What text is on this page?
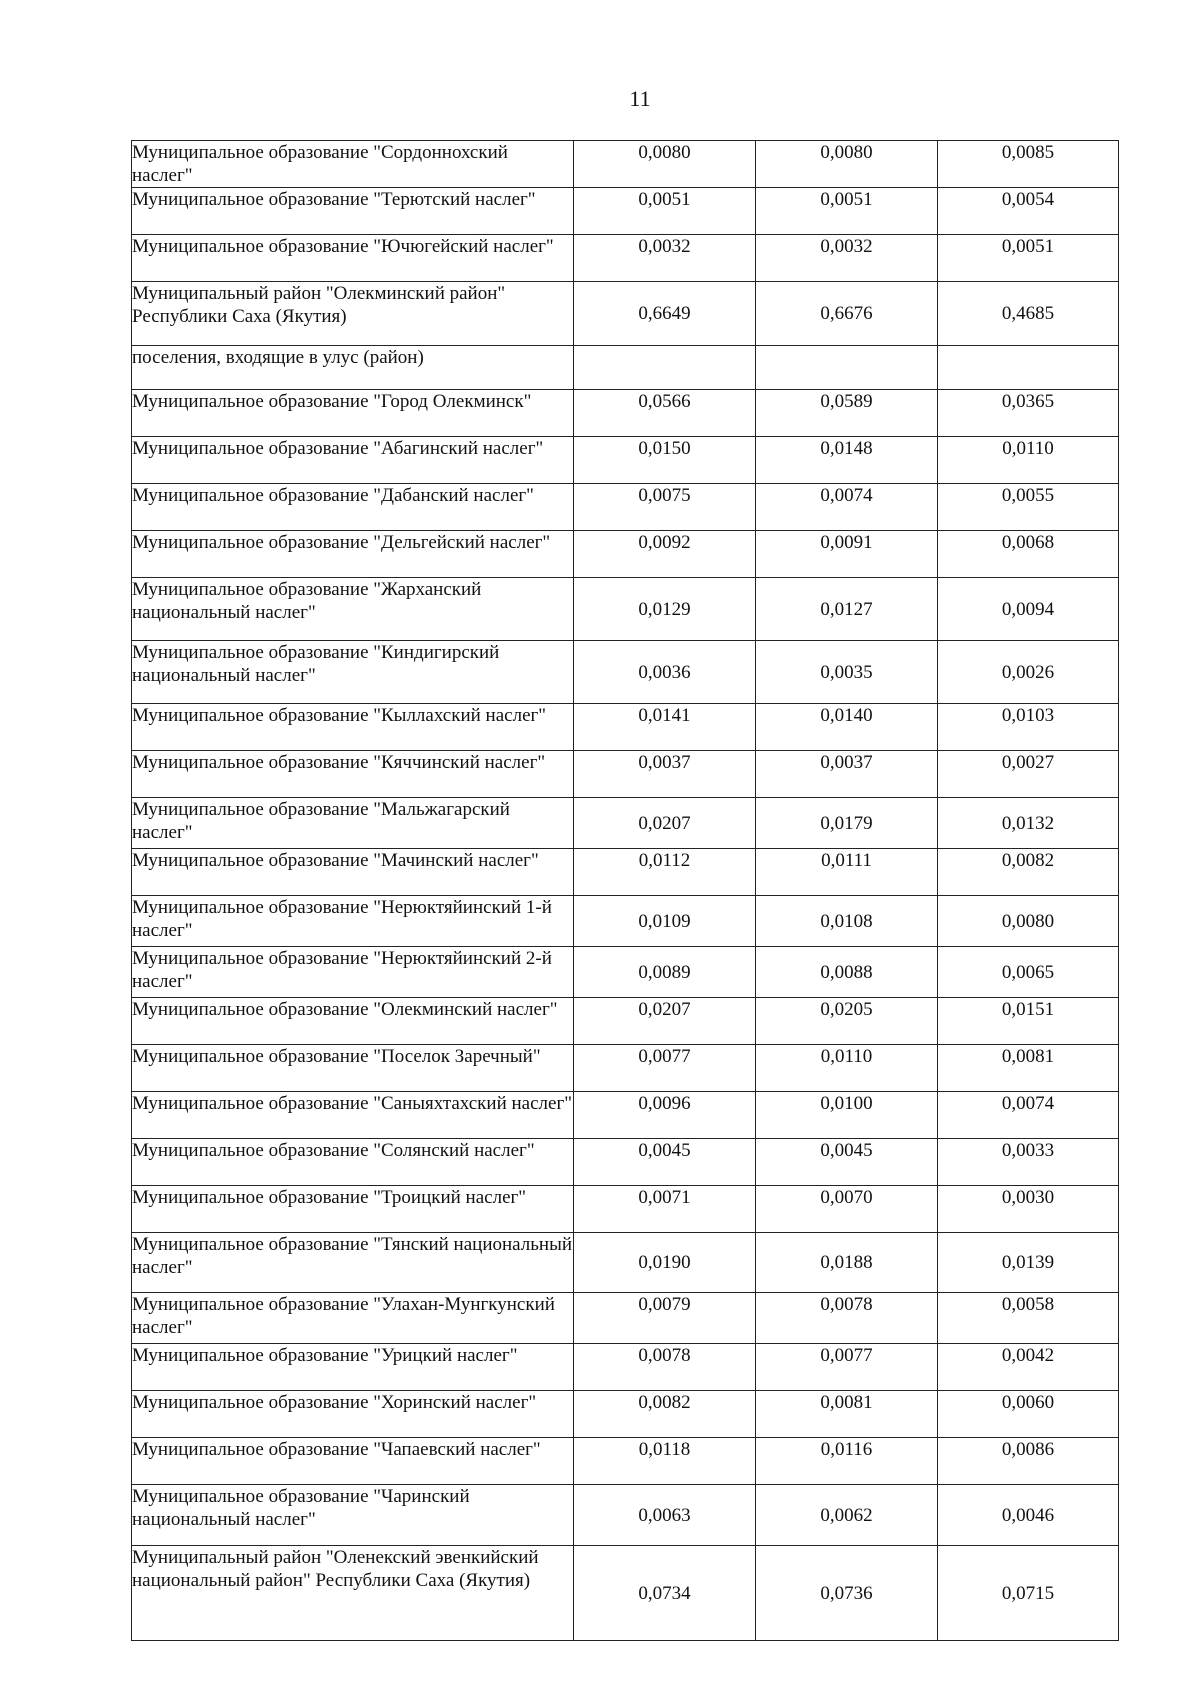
11
Муниципальное образование "Сордоннохский наслег"	0,0080	0,0080	0,0085
Муниципальное образование "Терютский наслег"	0,0051	0,0051	0,0054
Муниципальное образование "Ючюгейский наслег"	0,0032	0,0032	0,0051
Муниципальный район "Олекминский район" Республики Саха (Якутия)	0,6649	0,6676	0,4685
поселения, входящие в улус (район)			
Муниципальное образование "Город Олекминск"	0,0566	0,0589	0,0365
Муниципальное образование "Абагинский наслег"	0,0150	0,0148	0,0110
Муниципальное образование "Дабанский наслег"	0,0075	0,0074	0,0055
Муниципальное образование "Дельгейский наслег"	0,0092	0,0091	0,0068
Муниципальное образование "Жарханский национальный наслег"	0,0129	0,0127	0,0094
Муниципальное образование "Киндигирский национальный наслег"	0,0036	0,0035	0,0026
Муниципальное образование "Кыллахский наслег"	0,0141	0,0140	0,0103
Муниципальное образование "Кяччинский наслег"	0,0037	0,0037	0,0027
Муниципальное образование "Мальжагарский наслег"	0,0207	0,0179	0,0132
Муниципальное образование "Мачинский наслег"	0,0112	0,0111	0,0082
Муниципальное образование "Нерюктяйинский 1-й наслег"	0,0109	0,0108	0,0080
Муниципальное образование "Нерюктяйинский 2-й наслег"	0,0089	0,0088	0,0065
Муниципальное образование "Олекминский наслег"	0,0207	0,0205	0,0151
Муниципальное образование "Поселок Заречный"	0,0077	0,0110	0,0081
Муниципальное образование "Саныяхтахский наслег"	0,0096	0,0100	0,0074
Муниципальное образование "Солянский наслег"	0,0045	0,0045	0,0033
Муниципальное образование "Троицкий наслег"	0,0071	0,0070	0,0030
Муниципальное образование "Тянский национальный наслег"	0,0190	0,0188	0,0139
Муниципальное образование "Улахан-Мунгкунский наслег"	0,0079	0,0078	0,0058
Муниципальное образование "Урицкий наслег"	0,0078	0,0077	0,0042
Муниципальное образование "Хоринский наслег"	0,0082	0,0081	0,0060
Муниципальное образование "Чапаевский наслег"	0,0118	0,0116	0,0086
Муниципальное образование "Чаринский национальный наслег"	0,0063	0,0062	0,0046
Муниципальный район "Оленекский эвенкийский национальный район" Республики Саха (Якутия)	0,0734	0,0736	0,0715
